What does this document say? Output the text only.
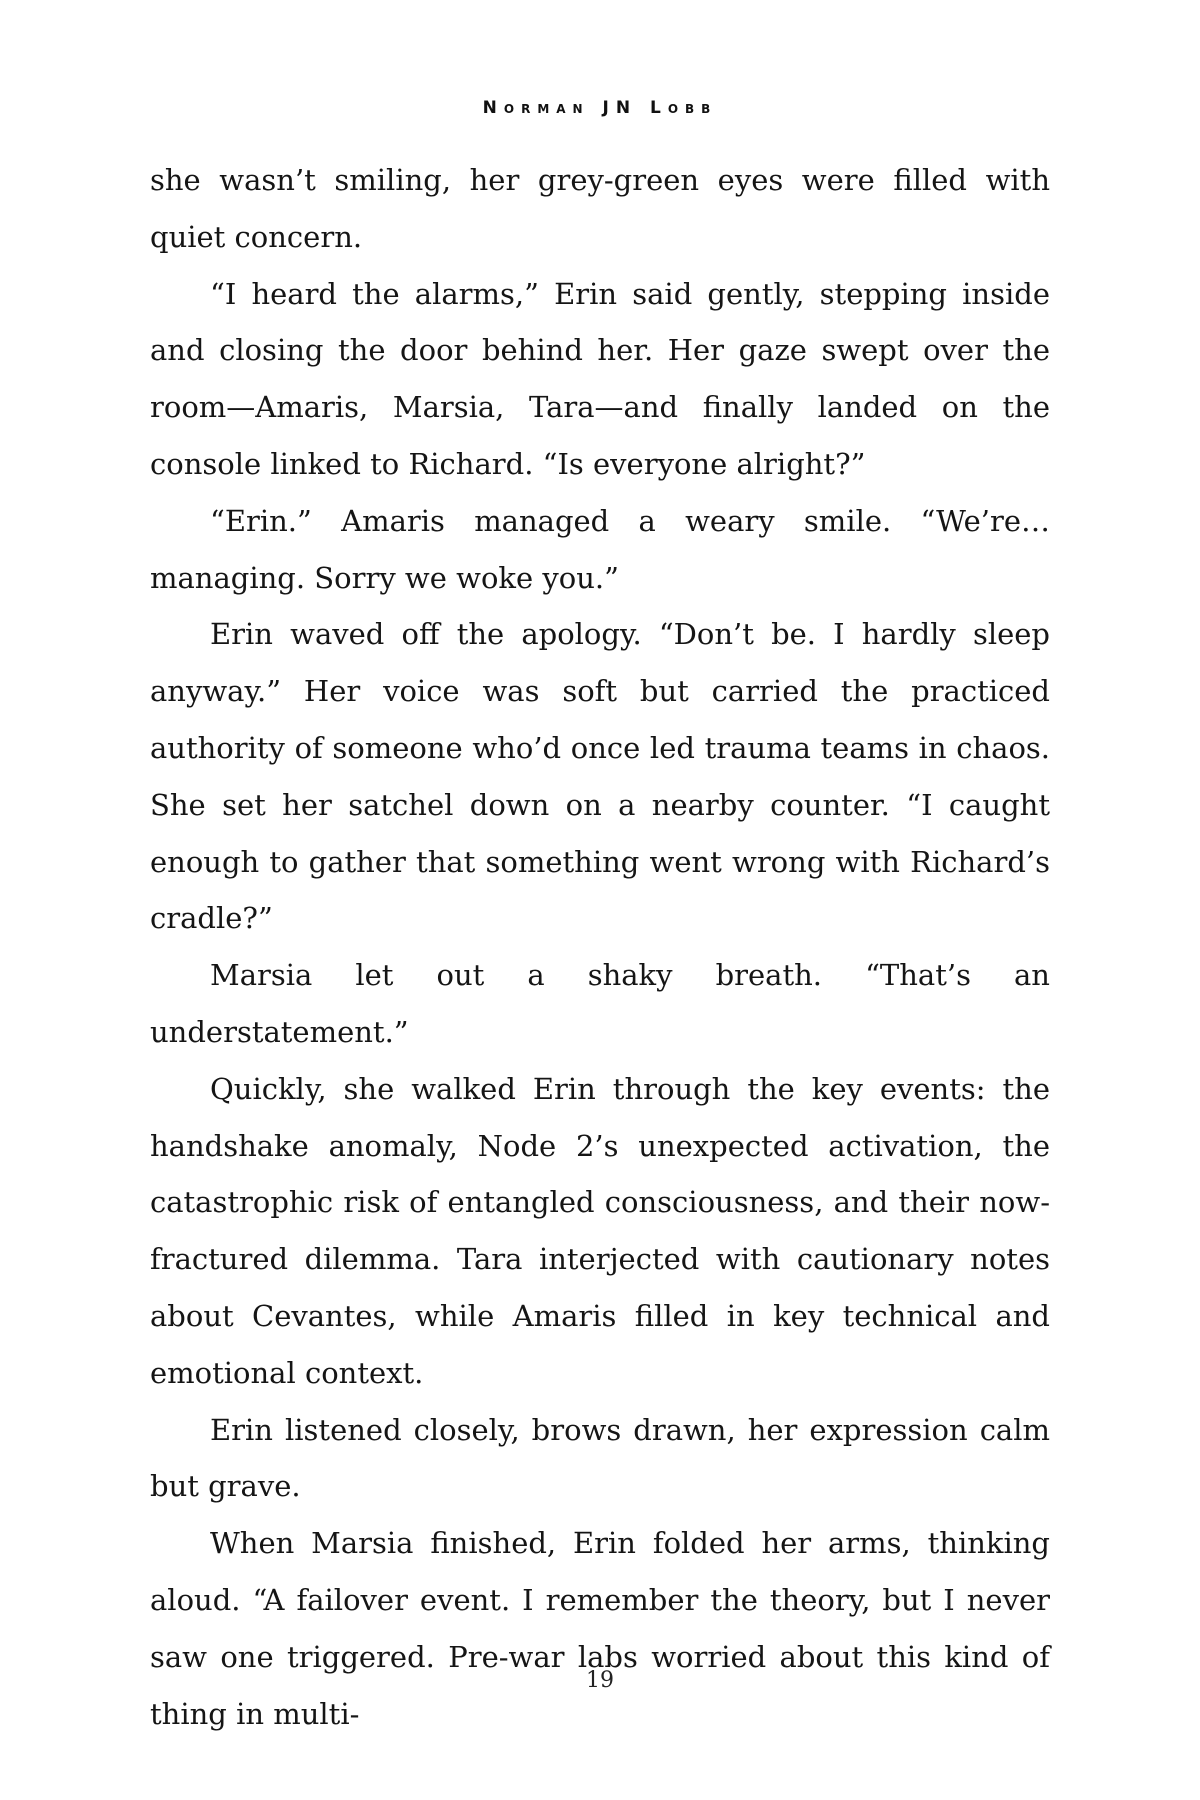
Norman JN Lobb

she wasn’t smiling, her grey-green eyes were filled with quiet concern.

“I heard the alarms,” Erin said gently, stepping inside and closing the door behind her. Her gaze swept over the room—Amaris, Marsia, Tara—and finally landed on the console linked to Richard. “Is everyone alright?”

“Erin.” Amaris managed a weary smile. “We’re… managing. Sorry we woke you.”

Erin waved off the apology. “Don’t be. I hardly sleep anyway.” Her voice was soft but carried the practiced authority of someone who’d once led trauma teams in chaos. She set her satchel down on a nearby counter. “I caught enough to gather that something went wrong with Richard’s cradle?”

Marsia let out a shaky breath. “That’s an understatement.”

Quickly, she walked Erin through the key events: the handshake anomaly, Node 2’s unexpected activation, the catastrophic risk of entangled consciousness, and their now-fractured dilemma. Tara interjected with cautionary notes about Cevantes, while Amaris filled in key technical and emotional context.

Erin listened closely, brows drawn, her expression calm but grave.

When Marsia finished, Erin folded her arms, thinking aloud. “A failover event. I remember the theory, but I never saw one triggered. Pre-war labs worried about this kind of thing in multi-

19
